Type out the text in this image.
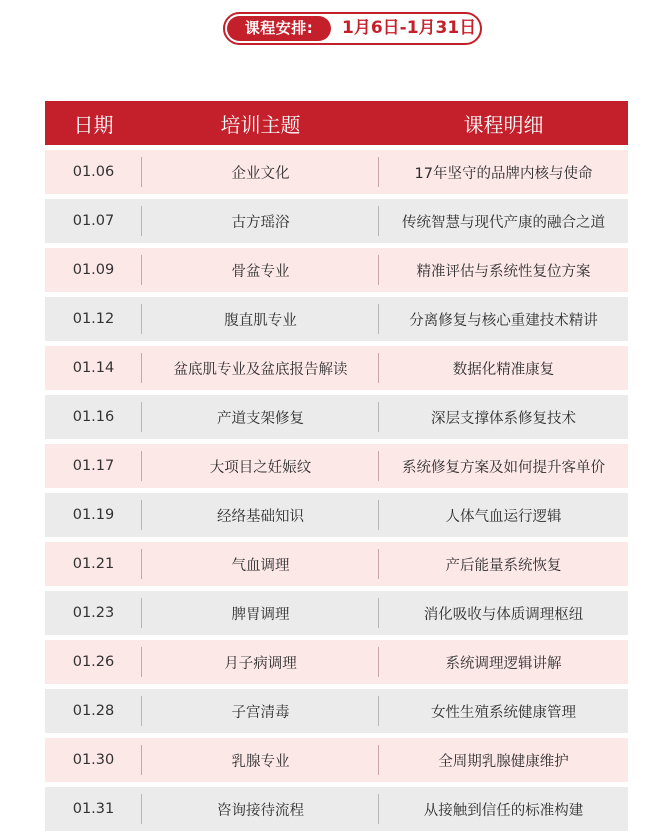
课程安排:	1月6日-1月31日
日期	培训主题	课程明细
01.06	企业文化	17年坚守的品牌内核与使命
01.07	古方瑶浴	传统智慧与现代产康的融合之道
01.09	骨盆专业	精准评估与系统性复位方案
01.12	腹直肌专业	分离修复与核心重建技术精讲
01.14	盆底肌专业及盆底报告解读	数据化精准康复
01.16	产道支架修复	深层支撑体系修复技术
01.17	大项目之妊娠纹	系统修复方案及如何提升客单价
01.19	经络基础知识	人体气血运行逻辑
01.21	气血调理	产后能量系统恢复
01.23	脾胃调理	消化吸收与体质调理枢纽
01.26	月子病调理	系统调理逻辑讲解
01.28	子宫清毒	女性生殖系统健康管理
01.30	乳腺专业	全周期乳腺健康维护
01.31	咨询接待流程	从接触到信任的标准构建
